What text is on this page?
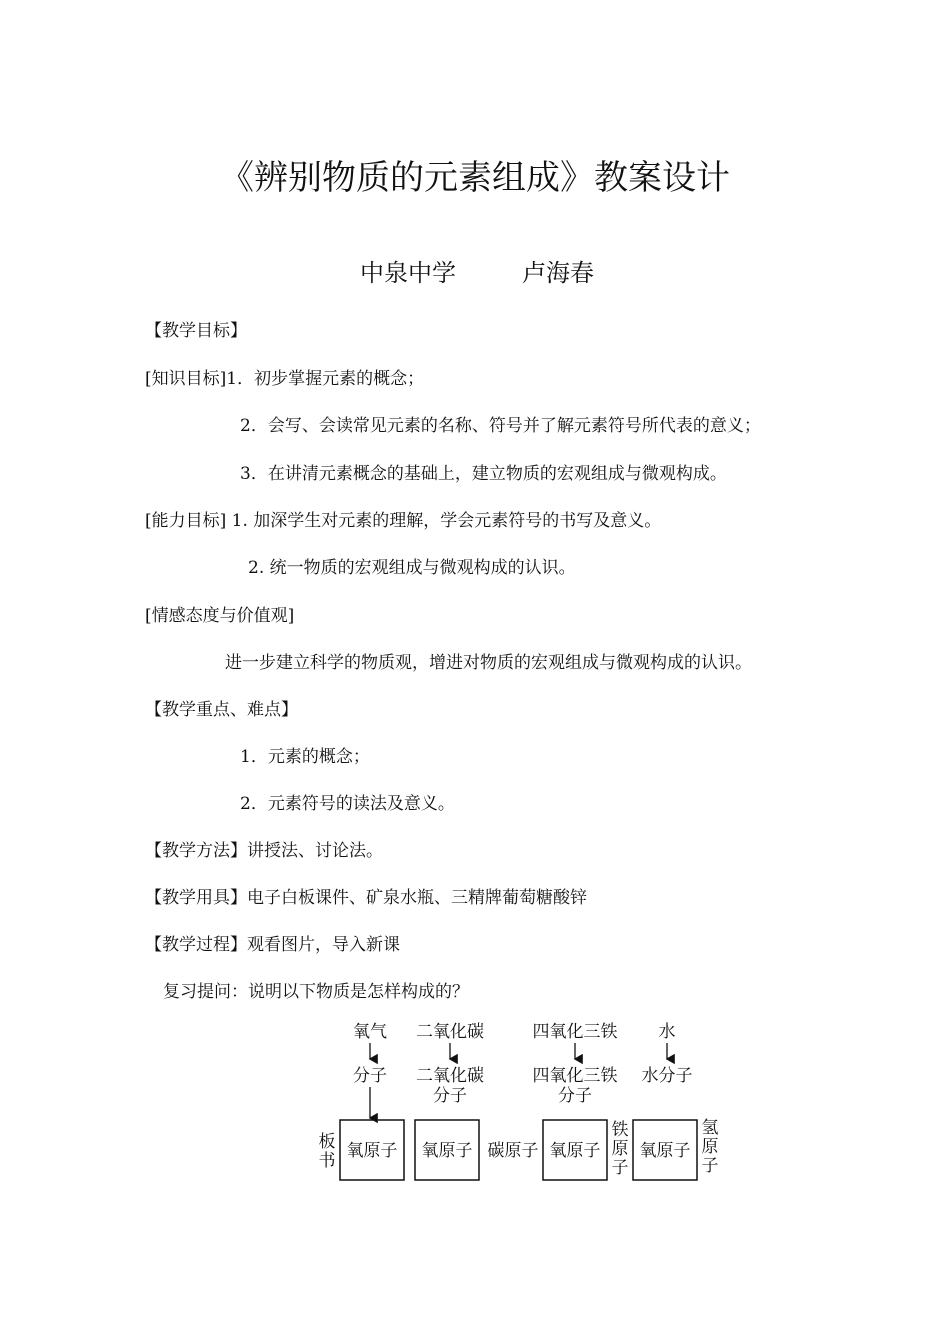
《辨别物质的元素组成》教案设计
中泉中学	卢海春
【教学目标】
[知识目标]1．初步掌握元素的概念；
2．会写、会读常见元素的名称、符号并了解元素符号所代表的意义；
3．在讲清元素概念的基础上，建立物质的宏观组成与微观构成。
[能力目标] 1. 加深学生对元素的理解，学会元素符号的书写及意义。
2. 统一物质的宏观组成与微观构成的认识。
[情感态度与价值观]
进一步建立科学的物质观，增进对物质的宏观组成与微观构成的认识。
【教学重点、难点】
1．元素的概念；
2．元素符号的读法及意义。
【教学方法】讲授法、讨论法。
【教学用具】电子白板课件、矿泉水瓶、三精牌葡萄糖酸锌
【教学过程】观看图片，导入新课
复习提问：说明以下物质是怎样构成的？
氧气 二氧化碳	四氧化三铁 水
分子 二氧化碳
分子
四氧化三铁
分子
水分子
板书 氧原子 氧原子 碳原子 氧原子
铁原子
氧原子
氢原子
